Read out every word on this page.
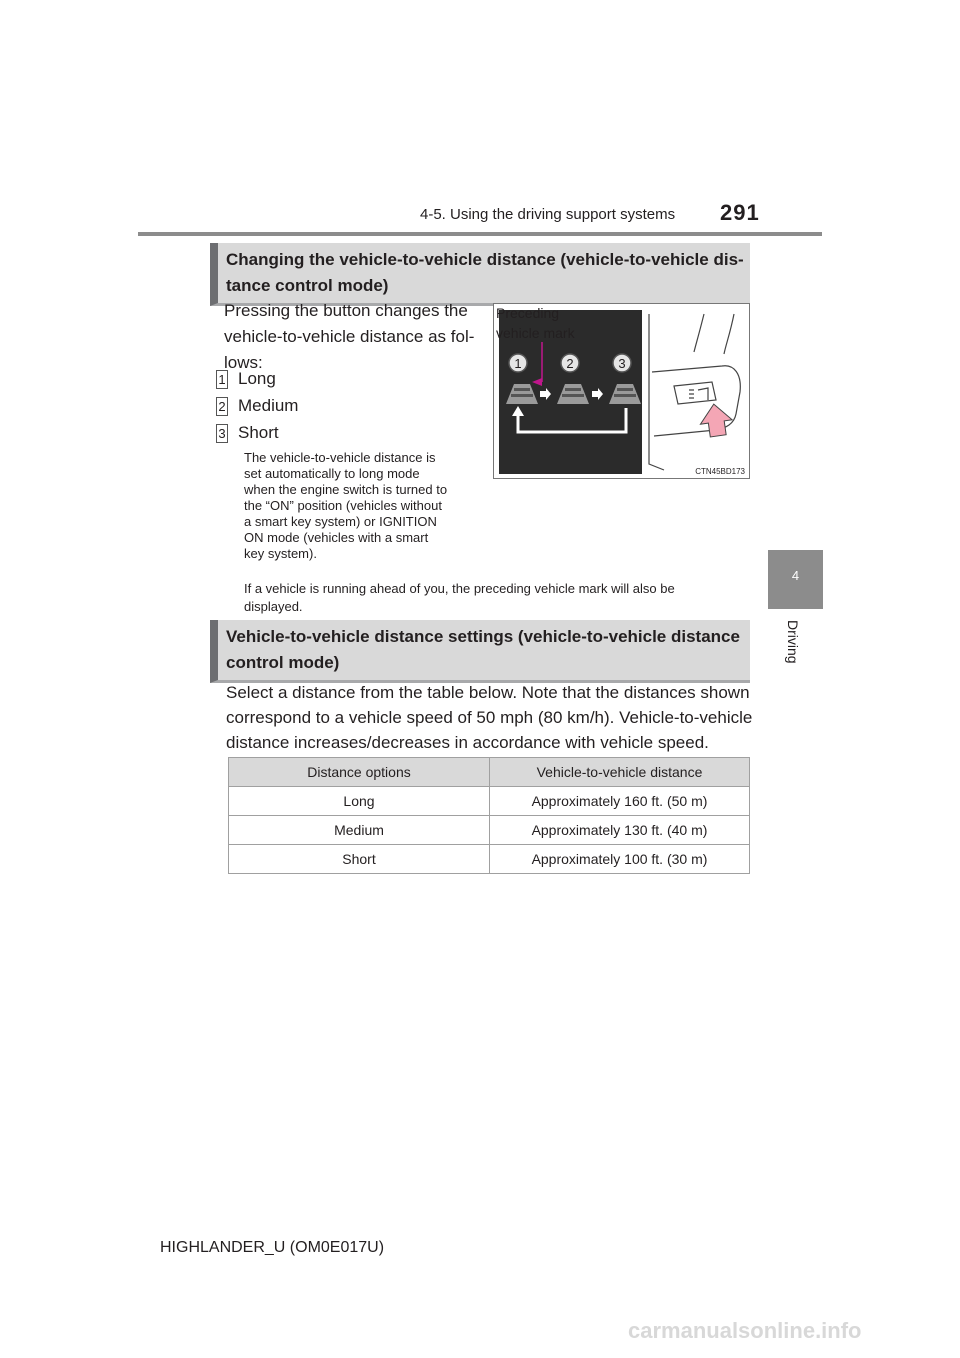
4-5. Using the driving support systems 291
4
Driving
Changing the vehicle-to-vehicle distance (vehicle-to-vehicle dis-
tance control mode)
Pressing the button changes the
vehicle-to-vehicle distance as fol-
lows:
1 Long
2 Medium
3 Short
The vehicle-to-vehicle distance is
set automatically to long mode
when the engine switch is turned to
the “ON” position (vehicles without
a smart key system) or IGNITION
ON mode (vehicles with a smart
key system).
1	2	3
CTN45BD173
Preceding
vehicle mark
If a vehicle is running ahead of you, the preceding vehicle mark will also be
displayed.
Vehicle-to-vehicle distance settings (vehicle-to-vehicle distance
control mode)
Select a distance from the table below. Note that the distances shown
correspond to a vehicle speed of 50 mph (80 km/h). Vehicle-to-vehicle
distance increases/decreases in accordance with vehicle speed.
Distance options	Vehicle-to-vehicle distance
Long	Approximately 160 ft. (50 m)
Medium	Approximately 130 ft. (40 m)
Short	Approximately 100 ft. (30 m)
HIGHLANDER_U (OM0E017U)
carmanualsonline.info
